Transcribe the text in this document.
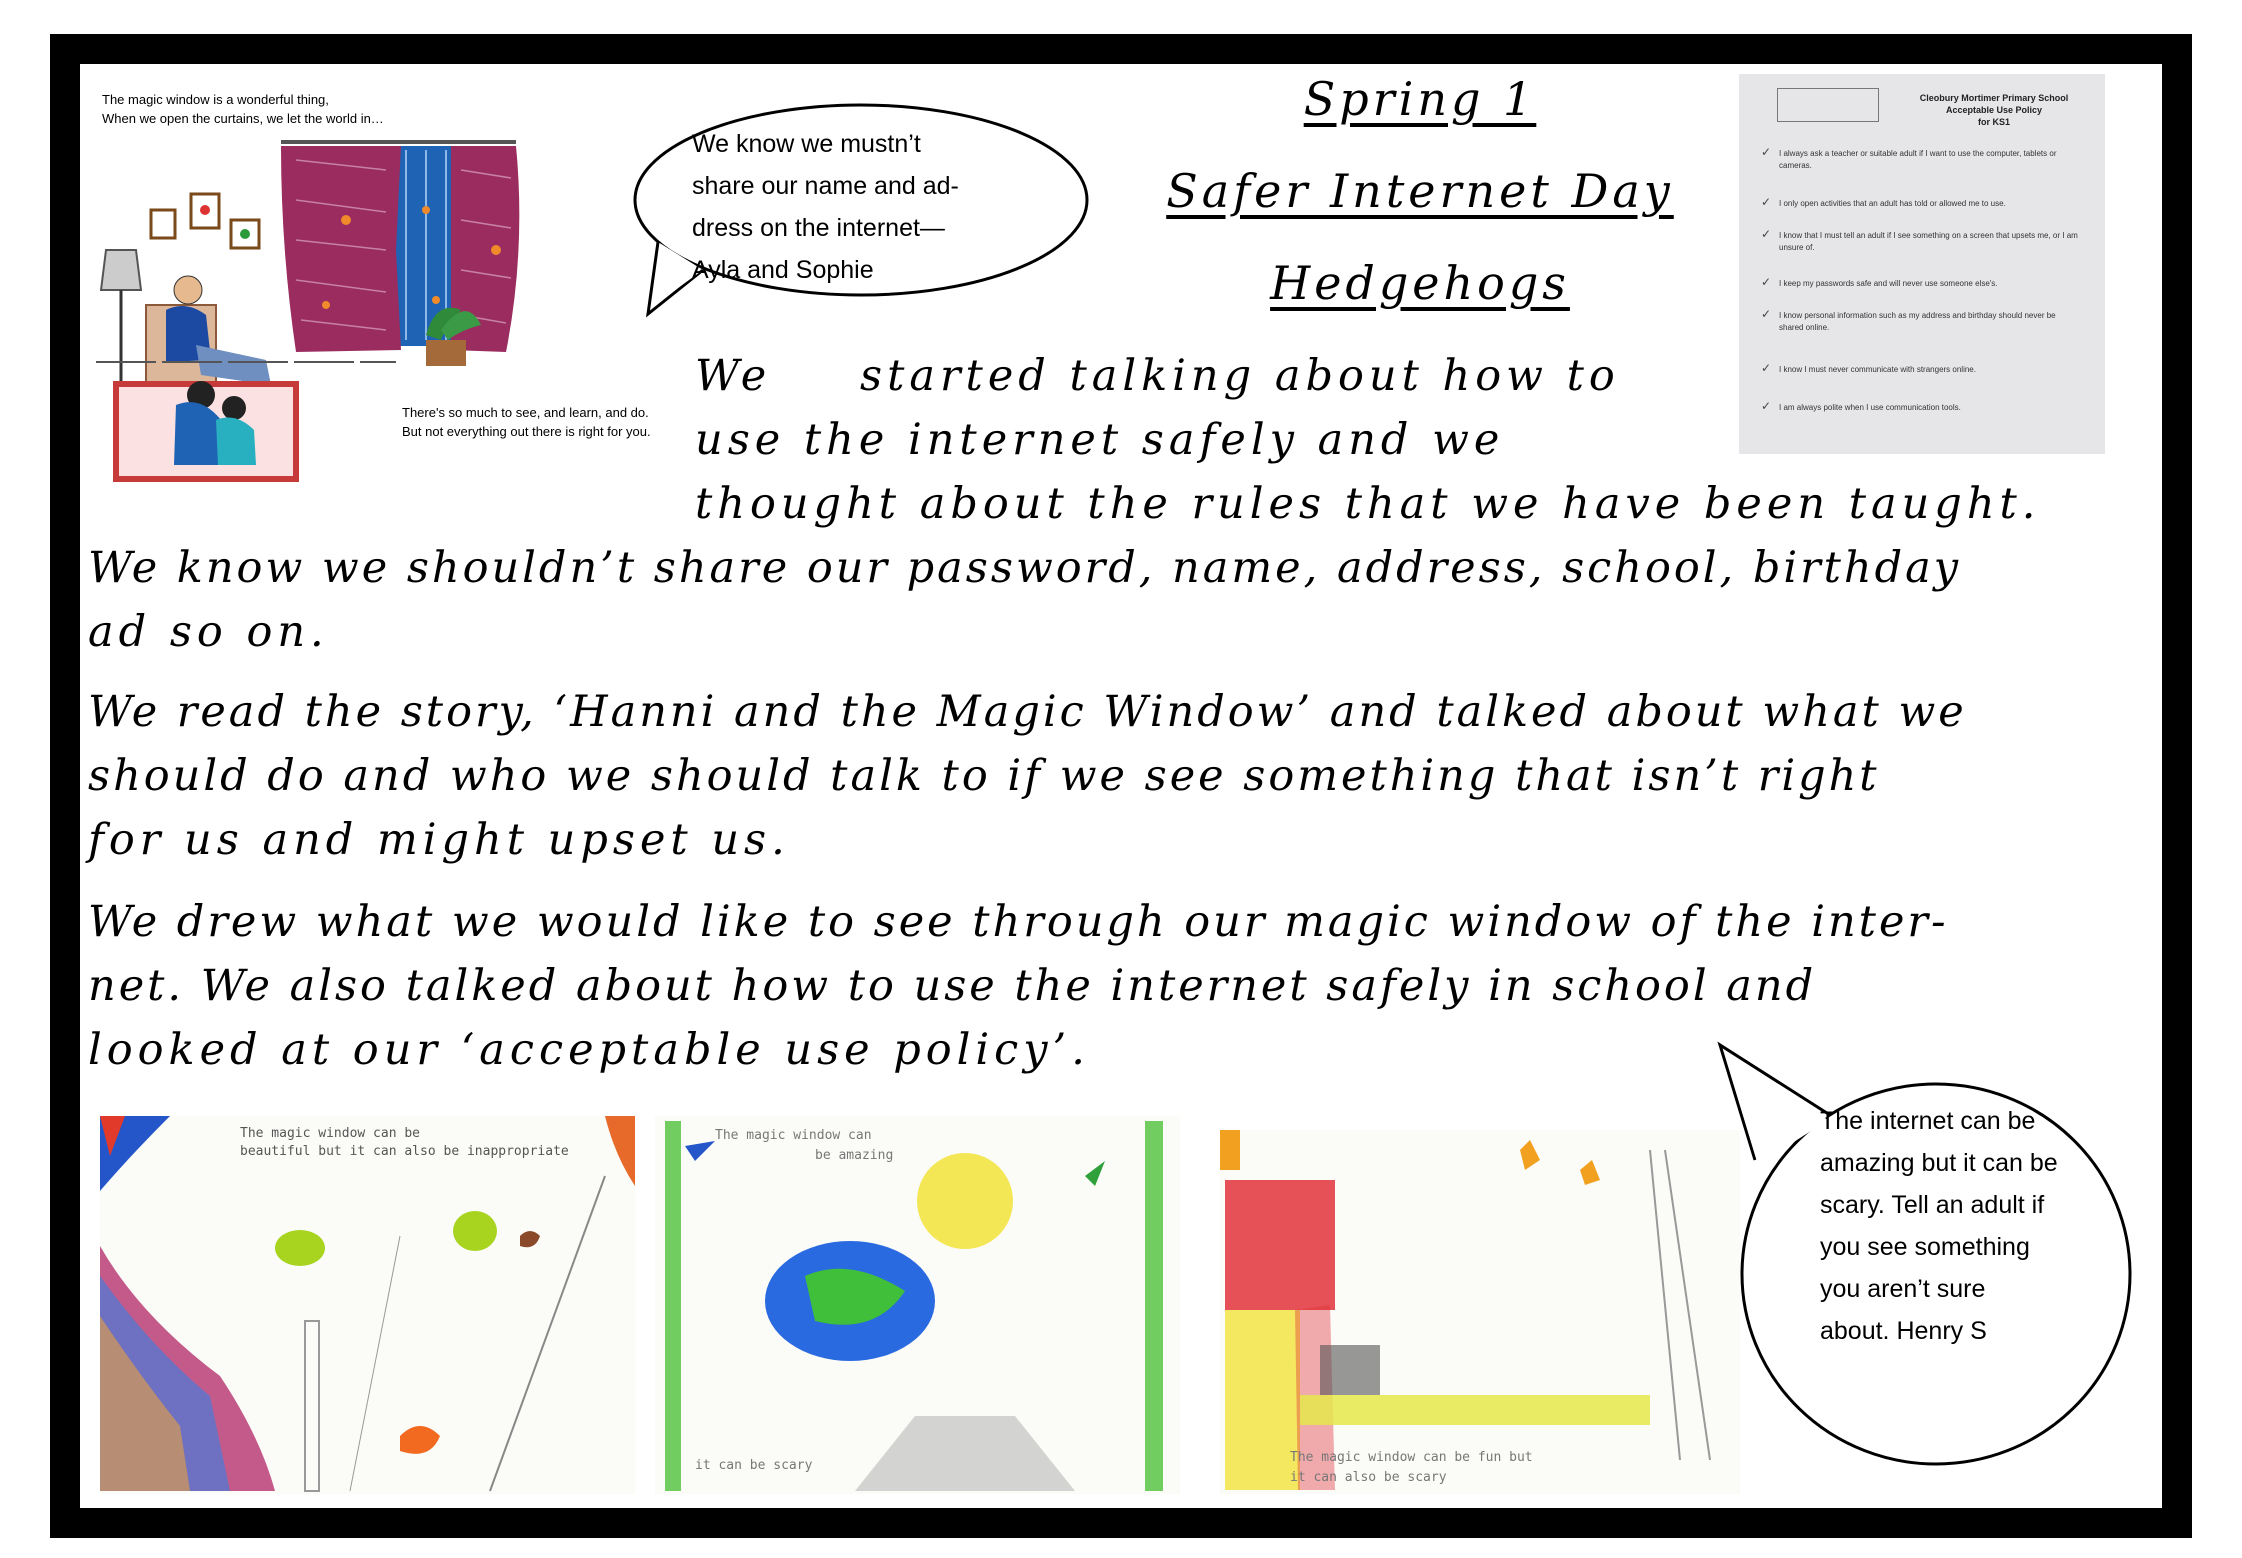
The magic window is a wonderful thing,
When we open the curtains, we let the world in…
There's so much to see, and learn, and do.
But not everything out there is right for you.
We know we mustn’t
share our name and ad-
dress on the internet—
Ayla and Sophie
Spring 1
Safer Internet Day
Hedgehogs
Cleobury Mortimer Primary School
Acceptable Use Policy
for KS1
✓ I always ask a teacher or suitable adult if I want to use the computer, tablets or cameras.
✓ I only open activities that an adult has told or allowed me to use.
✓ I know that I must tell an adult if I see something on a screen that upsets me, or I am unsure of.
✓ I keep my passwords safe and will never use someone else's.
✓ I know personal information such as my address and birthday should never be shared online.
✓ I know I must never communicate with strangers online.
✓ I am always polite when I use communication tools.
We started talking about how to
use the internet safely and we
thought about the rules that we have been taught.
We know we shouldn’t share our password, name, address, school, birthday
ad so on.
We read the story, ‘Hanni and the Magic Window’ and talked about what we
should do and who we should talk to if we see something that isn’t right
for us and might upset us.
We drew what we would like to see through our magic window of the inter-
net. We also talked about how to use the internet safely in school and
looked at our ‘acceptable use policy’.
The internet can be
amazing but it can be
scary. Tell an adult if
you see something
you aren’t sure
about. Henry S
The magic window can be
beautiful but it can also be inappropriate
The magic window can
be amazing
it can be scary
The magic window can be fun but
it can also be scary
